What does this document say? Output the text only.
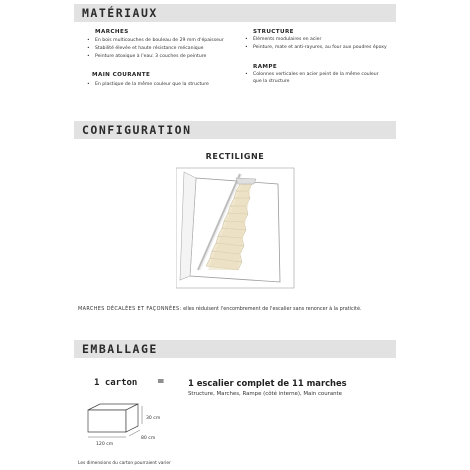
MATÉRIAUX
MARCHES
• En bois multicouches de bouleau de 29 mm d'épaisseur
• Stabilité élevée et haute résistance mécanique
• Peinture atoxique à l'eau: 3 couches de peinture
MAIN COURANTE
• En plastique de la même couleur que la structure
STRUCTURE
• Éléments modulaires en acier
• Peinture, mate et anti-rayures, au four aux poudres époxy
RAMPE
• Colonnes verticales en acier peint de la même couleur
que la structure
CONFIGURATION
RECTILIGNE
MARCHES DÉCALÉES ET FAÇONNÉES: elles réduisent l'encombrement de l'escalier sans renoncer à la praticité.
EMBALLAGE
1 carton =	1 escalier complet de 11 marches
Structure, Marches, Rampe (côté interne), Main courante
30 cm
80 cm
120 cm
Les dimensions du carton pourraient varier
